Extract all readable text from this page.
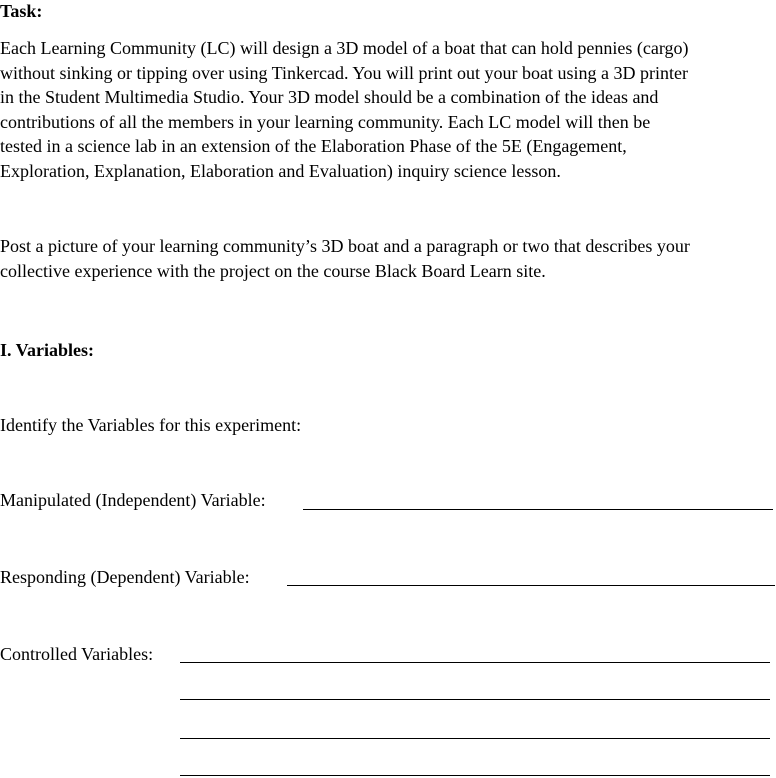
Task:
Each Learning Community (LC) will design a 3D model of a boat that can hold pennies (cargo)
without sinking or tipping over using Tinkercad. You will print out your boat using a 3D printer
in the Student Multimedia Studio. Your 3D model should be a combination of the ideas and
contributions of all the members in your learning community. Each LC model will then be
tested in a science lab in an extension of the Elaboration Phase of the 5E (Engagement,
Exploration, Explanation, Elaboration and Evaluation) inquiry science lesson.
Post a picture of your learning community’s 3D boat and a paragraph or two that describes your
collective experience with the project on the course Black Board Learn site.
I. Variables:
Identify the Variables for this experiment:
Manipulated (Independent) Variable:
Responding (Dependent) Variable:
Controlled Variables:
